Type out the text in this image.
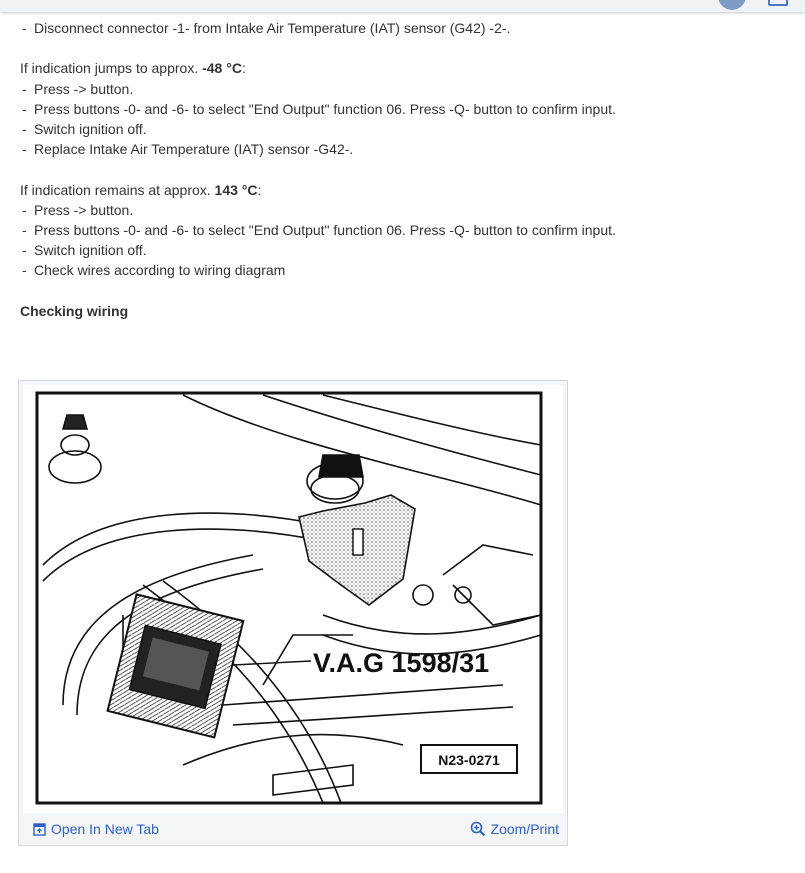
- Disconnect connector -1- from Intake Air Temperature (IAT) sensor (G42) -2-.
If indication jumps to approx. -48 °C:
- Press -> button.
- Press buttons -0- and -6- to select "End Output" function 06. Press -Q- button to confirm input.
- Switch ignition off.
- Replace Intake Air Temperature (IAT) sensor -G42-.
If indication remains at approx. 143 °C:
- Press -> button.
- Press buttons -0- and -6- to select "End Output" function 06. Press -Q- button to confirm input.
- Switch ignition off.
- Check wires according to wiring diagram
Checking wiring
V.A.G 1598/31
N23-0271
Open In New Tab	Zoom/Print
